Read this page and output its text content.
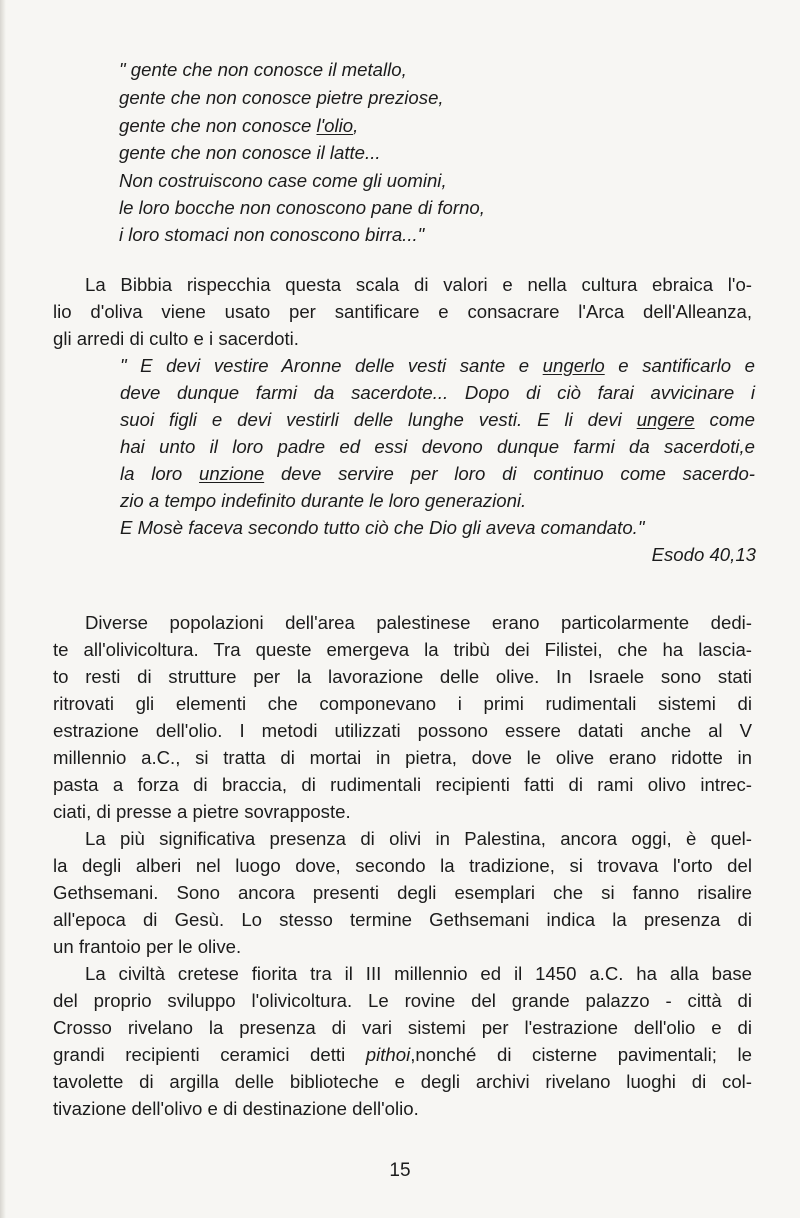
" gente che non conosce il metallo,
gente che non conosce pietre preziose,
gente che non conosce l'olio,
gente che non conosce il latte...
Non costruiscono case come gli uomini,
le loro bocche non conoscono pane di forno,
i loro stomaci non conoscono birra..."
La Bibbia rispecchia questa scala di valori e nella cultura ebraica l'o-
lio d'oliva viene usato per santificare e consacrare l'Arca dell'Alleanza,
gli arredi di culto e i sacerdoti.
" E devi vestire Aronne delle vesti sante e ungerlo e santificarlo e
deve dunque farmi da sacerdote... Dopo di ciò farai avvicinare i
suoi figli e devi vestirli delle lunghe vesti. E li devi ungere come
hai unto il loro padre ed essi devono dunque farmi da sacerdoti,e
la loro unzione deve servire per loro di continuo come sacerdo-
zio a tempo indefinito durante le loro generazioni.
E Mosè faceva secondo tutto ciò che Dio gli aveva comandato."
Esodo 40,13
Diverse popolazioni dell'area palestinese erano particolarmente dedi-
te all'olivicoltura. Tra queste emergeva la tribù dei Filistei, che ha lascia-
to resti di strutture per la lavorazione delle olive. In Israele sono stati
ritrovati gli elementi che componevano i primi rudimentali sistemi di
estrazione dell'olio. I metodi utilizzati possono essere datati anche al V
millennio a.C., si tratta di mortai in pietra, dove le olive erano ridotte in
pasta a forza di braccia, di rudimentali recipienti fatti di rami olivo intrec-
ciati, di presse a pietre sovrapposte.
La più significativa presenza di olivi in Palestina, ancora oggi, è quel-
la degli alberi nel luogo dove, secondo la tradizione, si trovava l'orto del
Gethsemani. Sono ancora presenti degli esemplari che si fanno risalire
all'epoca di Gesù. Lo stesso termine Gethsemani indica la presenza di
un frantoio per le olive.
La civiltà cretese fiorita tra il III millennio ed il 1450 a.C. ha alla base
del proprio sviluppo l'olivicoltura. Le rovine del grande palazzo - città di
Crosso rivelano la presenza di vari sistemi per l'estrazione dell'olio e di
grandi recipienti ceramici detti pithoi,nonché di cisterne pavimentali; le
tavolette di argilla delle biblioteche e degli archivi rivelano luoghi di col-
tivazione dell'olivo e di destinazione dell'olio.
15
